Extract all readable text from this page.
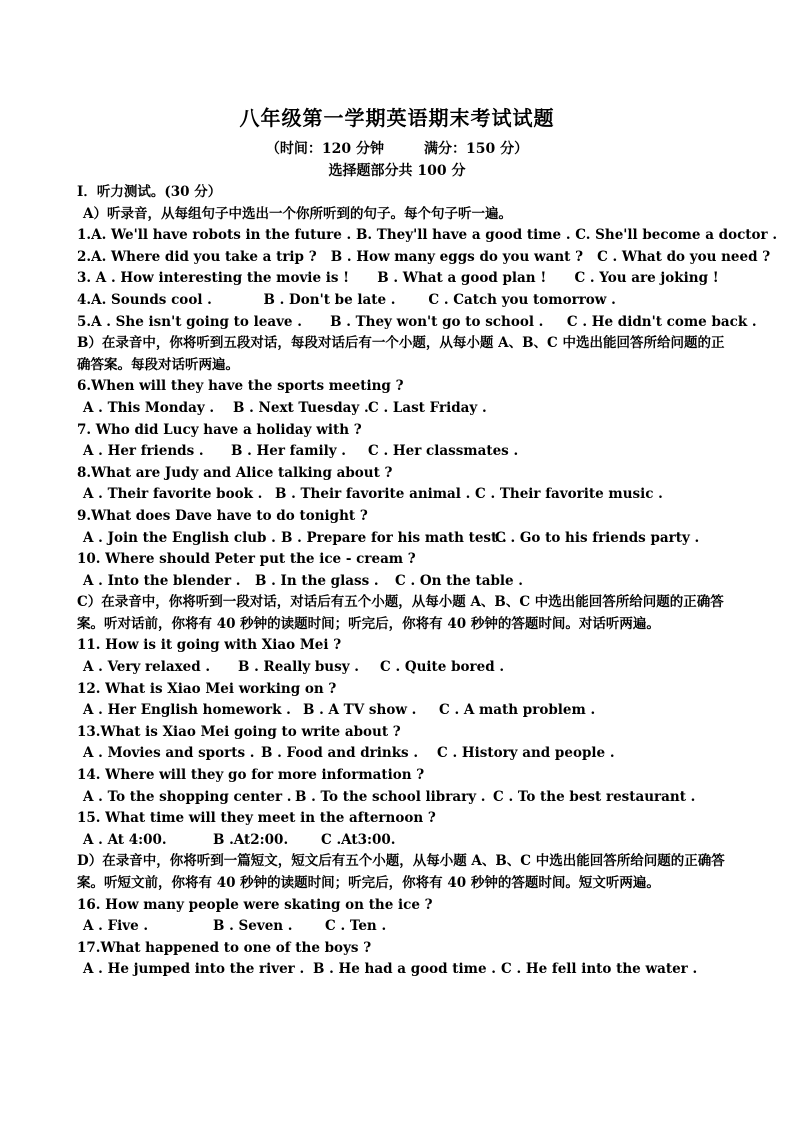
八年级第一学期英语期末考试试题
（时间：120 分钟	满分：150 分）
选择题部分共 100 分
I．听力测试。(30 分）
A）听录音，从每组句子中选出一个你所听到的句子。每个句子听一遍。
1.A. We'll have robots in the future . B. They'll have a good time . C. She'll become a doctor .
2.A. Where did you take a trip ?   B . How many eggs do you want ?   C . What do you need ?
3. A . How interesting the movie is !      B . What a good plan !      C . You are joking !
4.A. Sounds cool .           B . Don't be late .       C . Catch you tomorrow .
5.A . She isn't going to leave .      B . They won't go to school .     C . He didn't come back .
B）在录音中，你将听到五段对话，每段对话后有一个小题，从每小题 A、B、C 中选出能回答所给问题的正确答案。每段对话听两遍。
6.When will they have the sports meeting ?
A . This Monday . B . Next Tuesday .C . Last Friday .
7. Who did Lucy have a holiday with ?
A . Her friends . B . Her family . C . Her classmates .
8.What are Judy and Alice talking about ?
A . Their favorite book . B . Their favorite animal . C . Their favorite music .
9.What does Dave have to do tonight ?
A . Join the English club . B . Prepare for his math test .C . Go to his friends party .
10. Where should Peter put the ice - cream ?
A . Into the blender . B . In the glass . C . On the table .
C）在录音中，你将听到一段对话，对话后有五个小题，从每小题 A、B、C 中选出能回答所给问题的正确答案。听对话前，你将有 40 秒钟的读题时间；听完后，你将有 40 秒钟的答题时间。对话听两遍。
11. How is it going with Xiao Mei ?
A . Very relaxed . B . Really busy . C . Quite bored .
12. What is Xiao Mei working on ?
A . Her English homework . B . A TV show . C . A math problem .
13.What is Xiao Mei going to write about ?
A . Movies and sports . B . Food and drinks . C . History and people .
14. Where will they go for more information ?
A . To the shopping center . B . To the school library . C . To the best restaurant .
15. What time will they meet in the afternoon ?
A . At 4:00.	B .At2:00. C .At3:00.
D）在录音中，你将听到一篇短文，短文后有五个小题，从每小题 A、B、C 中选出能回答所给问题的正确答案。听短文前，你将有 40 秒钟的读题时间；听完后，你将有 40 秒钟的答题时间。短文听两遍。
16. How many people were skating on the ice ?
A . Five .	B . Seven . C . Ten .
17.What happened to one of the boys ?
A . He jumped into the river . B . He had a good time . C . He fell into the water .
